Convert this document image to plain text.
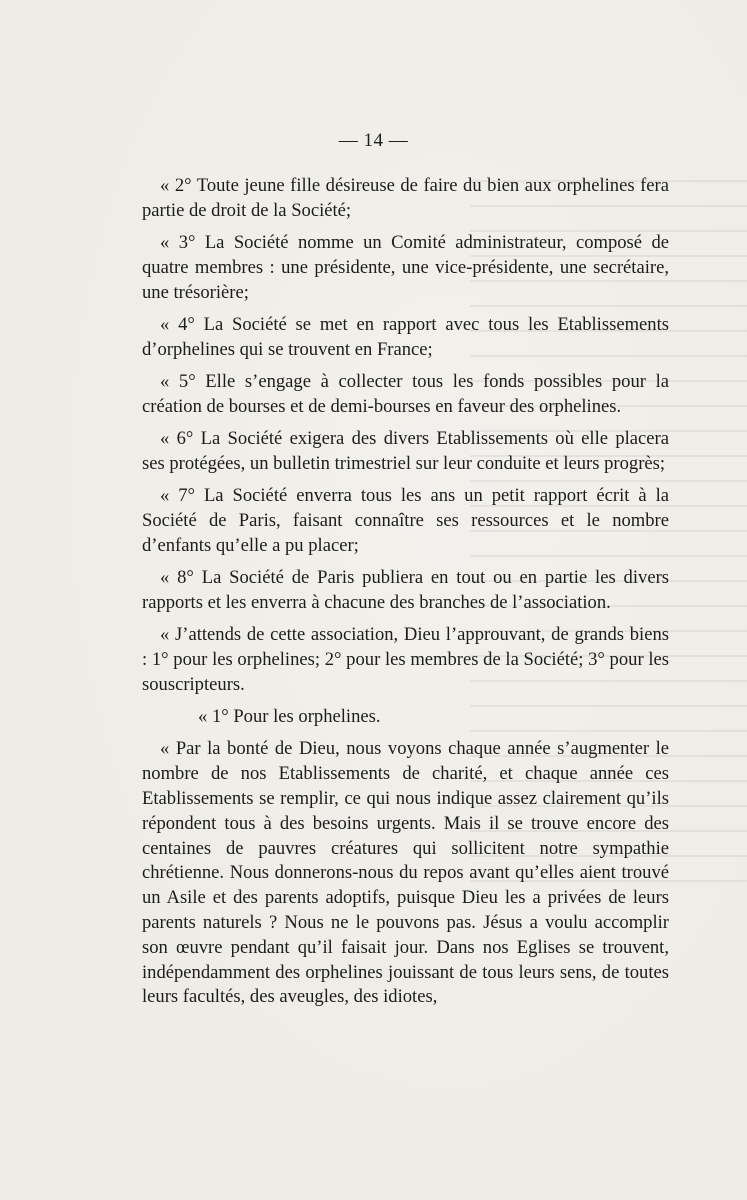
— 14 —

« 2° Toute jeune fille désireuse de faire du bien aux orphelines fera partie de droit de la Société;

« 3° La Société nomme un Comité administrateur, composé de quatre membres : une présidente, une vice-présidente, une secrétaire, une trésorière;

« 4° La Société se met en rapport avec tous les Etablissements d’orphelines qui se trouvent en France;

« 5° Elle s’engage à collecter tous les fonds possibles pour la création de bourses et de demi-bourses en faveur des orphelines.

« 6° La Société exigera des divers Etablissements où elle placera ses protégées, un bulletin trimestriel sur leur conduite et leurs progrès;

« 7° La Société enverra tous les ans un petit rapport écrit à la Société de Paris, faisant connaître ses ressources et le nombre d’enfants qu’elle a pu placer;

« 8° La Société de Paris publiera en tout ou en partie les divers rapports et les enverra à chacune des branches de l’association.

« J’attends de cette association, Dieu l’approuvant, de grands biens : 1° pour les orphelines; 2° pour les membres de la Société; 3° pour les souscripteurs.

« 1° Pour les orphelines.

« Par la bonté de Dieu, nous voyons chaque année s’augmenter le nombre de nos Etablissements de charité, et chaque année ces Etablissements se remplir, ce qui nous indique assez clairement qu’ils répondent tous à des besoins urgents. Mais il se trouve encore des centaines de pauvres créatures qui sollicitent notre sympathie chrétienne. Nous donnerons-nous du repos avant qu’elles aient trouvé un Asile et des parents adoptifs, puisque Dieu les a privées de leurs parents naturels ? Nous ne le pouvons pas. Jésus a voulu accomplir son œuvre pendant qu’il faisait jour. Dans nos Eglises se trouvent, indépendamment des orphelines jouissant de tous leurs sens, de toutes leurs facultés, des aveugles, des idiotes,
